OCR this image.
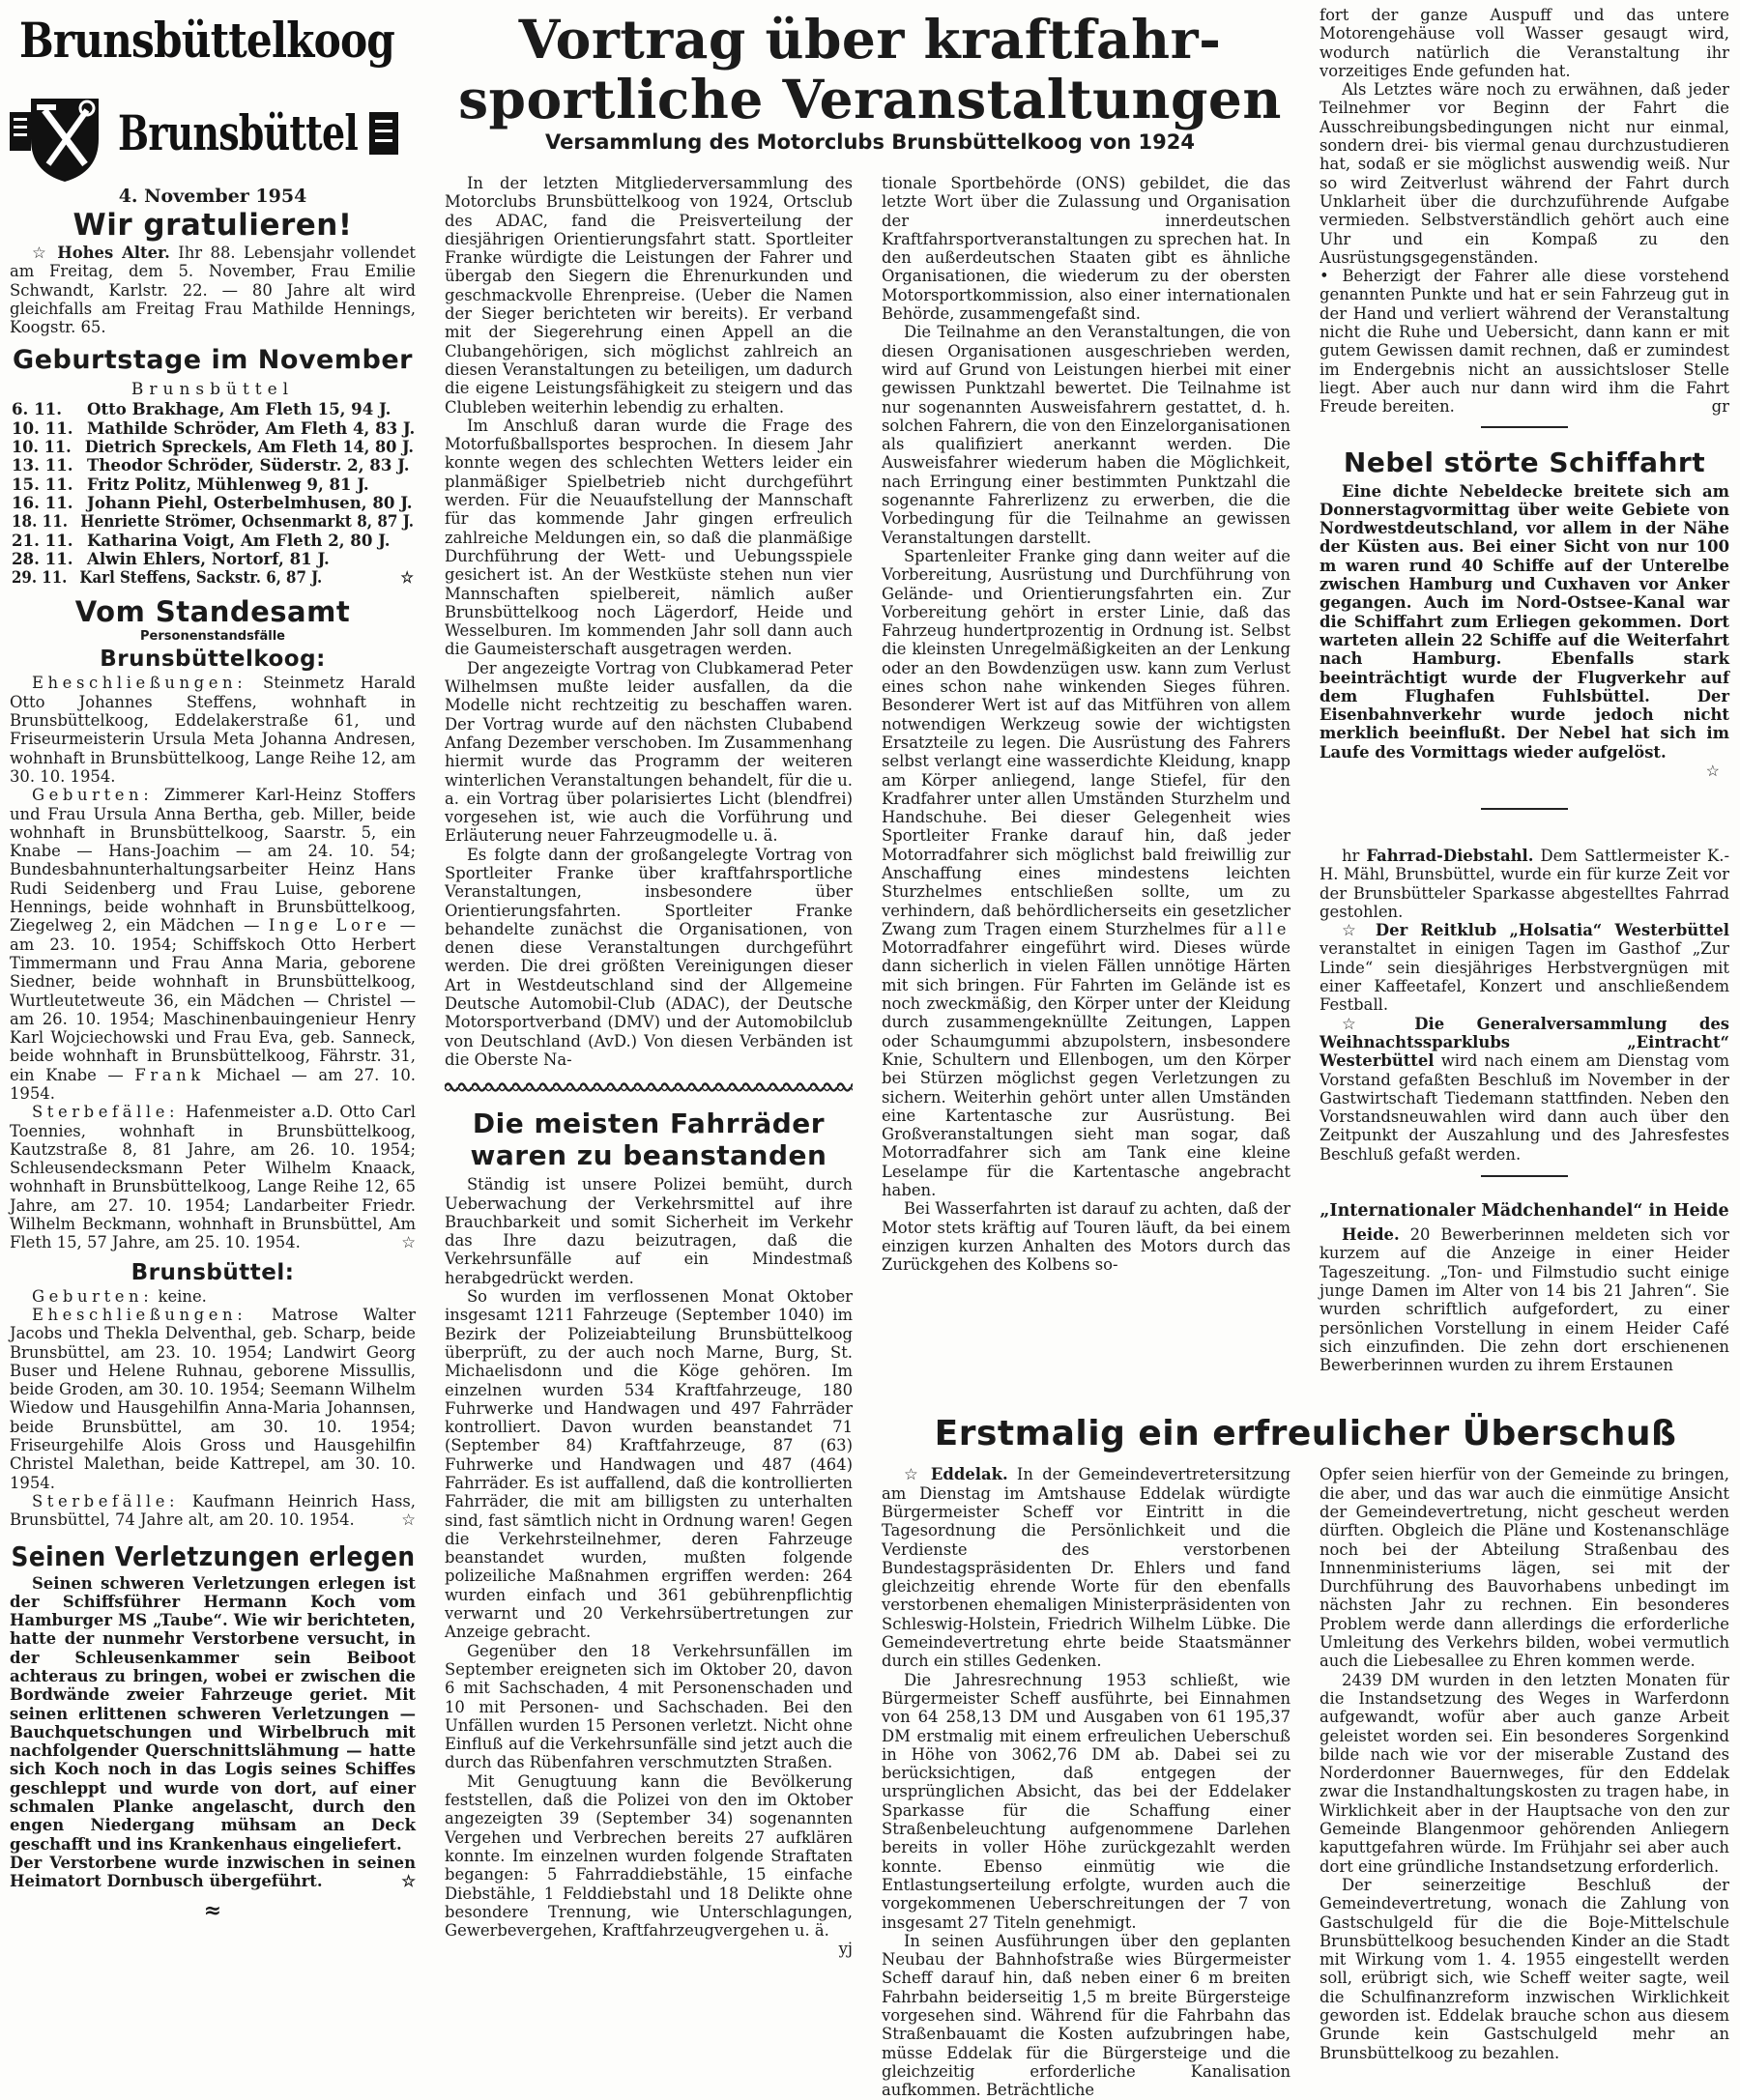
Brunsbüttelkoog
Brunsbüttel
4. November 1954
Wir gratulieren!

☆ Hohes Alter. Ihr 88. Lebensjahr vollendet am Freitag, dem 5. November, Frau Emilie Schwandt, Karlstr. 22. — 80 Jahre alt wird gleichfalls am Freitag Frau Mathilde Hennings, Koogstr. 65.

Geburtstage im November
Brunsbüttel
6. 11. Otto Brakhage, Am Fleth 15, 94 J.
10. 11. Mathilde Schröder, Am Fleth 4, 83 J.
10. 11. Dietrich Spreckels, Am Fleth 14, 80 J.
13. 11. Theodor Schröder, Süderstr. 2, 83 J.
15. 11. Fritz Politz, Mühlenweg 9, 81 J.
16. 11. Johann Piehl, Osterbelmhusen, 80 J.
18. 11. Henriette Strömer, Ochsenmarkt 8, 87 J.
21. 11. Katharina Voigt, Am Fleth 2, 80 J.
28. 11. Alwin Ehlers, Nortorf, 81 J.
29. 11. Karl Steffens, Sackstr. 6, 87 J.	☆
Vom Standesamt
Personenstandsfälle
Brunsbüttelkoog:

Eheschließungen: Steinmetz Harald Otto Johannes Steffens, wohnhaft in Brunsbüttelkoog, Eddelakerstraße 61, und Friseurmeisterin Ursula Meta Johanna Andresen, wohnhaft in Brunsbüttelkoog, Lange Reihe 12, am 30. 10. 1954.

Geburten: Zimmerer Karl-Heinz Stoffers und Frau Ursula Anna Bertha, geb. Miller, beide wohnhaft in Brunsbüttelkoog, Saarstr. 5, ein Knabe — Hans-Joachim — am 24. 10. 54; Bundesbahnunterhaltungsarbeiter Heinz Hans Rudi Seidenberg und Frau Luise, geborene Hennings, beide wohnhaft in Brunsbüttelkoog, Ziegelweg 2, ein Mädchen — Inge Lore — am 23. 10. 1954; Schiffskoch Otto Herbert Timmermann und Frau Anna Maria, geborene Siedner, beide wohnhaft in Brunsbüttelkoog, Wurtleutetweute 36, ein Mädchen — Christel — am 26. 10. 1954; Maschinenbauingenieur Henry Karl Wojciechowski und Frau Eva, geb. Sanneck, beide wohnhaft in Brunsbüttelkoog, Fährstr. 31, ein Knabe — Frank Michael — am 27. 10. 1954.

Sterbefälle: Hafenmeister a.D. Otto Carl Toennies, wohnhaft in Brunsbüttelkoog, Kautzstraße 8, 81 Jahre, am 26. 10. 1954; Schleusendecksmann Peter Wilhelm Knaack, wohnhaft in Brunsbüttelkoog, Lange Reihe 12, 65 Jahre, am 27. 10. 1954; Landarbeiter Friedr. Wilhelm Beckmann, wohnhaft in Brunsbüttel, Am Fleth 15, 57 Jahre, am 25. 10. 1954.	☆

Brunsbüttel:

Geburten: keine.

Eheschließungen: Matrose Walter Jacobs und Thekla Delventhal, geb. Scharp, beide Brunsbüttel, am 23. 10. 1954; Landwirt Georg Buser und Helene Ruhnau, geborene Missullis, beide Groden, am 30. 10. 1954; Seemann Wilhelm Wiedow und Hausgehilfin Anna-Maria Johannsen, beide Brunsbüttel, am 30. 10. 1954; Friseurgehilfe Alois Gross und Hausgehilfin Christel Malethan, beide Kattrepel, am 30. 10. 1954.

Sterbefälle: Kaufmann Heinrich Hass, Brunsbüttel, 74 Jahre alt, am 20. 10. 1954.	☆

Seinen Verletzungen erlegen

Seinen schweren Verletzungen erlegen ist der Schiffsführer Hermann Koch vom Hamburger MS „Taube“. Wie wir berichteten, hatte der nunmehr Verstorbene versucht, in der Schleusenkammer sein Beiboot achteraus zu bringen, wobei er zwischen die Bordwände zweier Fahrzeuge geriet. Mit seinen erlittenen schweren Verletzungen — Bauchquetschungen und Wirbelbruch mit nachfolgender Querschnittslähmung — hatte sich Koch noch in das Logis seines Schiffes geschleppt und wurde von dort, auf einer schmalen Planke angelascht, durch den engen Niedergang mühsam an Deck geschafft und ins Krankenhaus eingeliefert.

Der Verstorbene wurde inzwischen in seinen Heimatort Dornbusch übergeführt.	☆

≈
Vortrag über kraftfahr-
sportliche Veranstaltungen
Versammlung des Motorclubs Brunsbüttelkoog von 1924

In der letzten Mitgliederversammlung des Motorclubs Brunsbüttelkoog von 1924, Ortsclub des ADAC, fand die Preisverteilung der diesjährigen Orientierungsfahrt statt. Sportleiter Franke würdigte die Leistungen der Fahrer und übergab den Siegern die Ehrenurkunden und geschmackvolle Ehrenpreise. (Ueber die Namen der Sieger berichteten wir bereits). Er verband mit der Siegerehrung einen Appell an die Clubangehörigen, sich möglichst zahlreich an diesen Veranstaltungen zu beteiligen, um dadurch die eigene Leistungsfähigkeit zu steigern und das Clubleben weiterhin lebendig zu erhalten.

Im Anschluß daran wurde die Frage des Motorfußballsportes besprochen. In diesem Jahr konnte wegen des schlechten Wetters leider ein planmäßiger Spielbetrieb nicht durchgeführt werden. Für die Neuaufstellung der Mannschaft für das kommende Jahr gingen erfreulich zahlreiche Meldungen ein, so daß die planmäßige Durchführung der Wett- und Uebungsspiele gesichert ist. An der Westküste stehen nun vier Mannschaften spielbereit, nämlich außer Brunsbüttelkoog noch Lägerdorf, Heide und Wesselburen. Im kommenden Jahr soll dann auch die Gaumeisterschaft ausgetragen werden.

Der angezeigte Vortrag von Clubkamerad Peter Wilhelmsen mußte leider ausfallen, da die Modelle nicht rechtzeitig zu beschaffen waren. Der Vortrag wurde auf den nächsten Clubabend Anfang Dezember verschoben. Im Zusammenhang hiermit wurde das Programm der weiteren winterlichen Veranstaltungen behandelt, für die u. a. ein Vortrag über polarisiertes Licht (blendfrei) vorgesehen ist, wie auch die Vorführung und Erläuterung neuer Fahrzeugmodelle u. ä.

Es folgte dann der großangelegte Vortrag von Sportleiter Franke über kraftfahrsportliche Veranstaltungen, insbesondere über Orientierungsfahrten. Sportleiter Franke behandelte zunächst die Organisationen, von denen diese Veranstaltungen durchgeführt werden. Die drei größten Vereinigungen dieser Art in Westdeutschland sind der Allgemeine Deutsche Automobil-Club (ADAC), der Deutsche Motorsportverband (DMV) und der Automobilclub von Deutschland (AvD.) Von diesen Verbänden ist die Oberste Na-

Die meisten Fahrräder
waren zu beanstanden

Ständig ist unsere Polizei bemüht, durch Ueberwachung der Verkehrsmittel auf ihre Brauchbarkeit und somit Sicherheit im Verkehr das Ihre dazu beizutragen, daß die Verkehrsunfälle auf ein Mindestmaß herabgedrückt werden.

So wurden im verflossenen Monat Oktober insgesamt 1211 Fahrzeuge (September 1040) im Bezirk der Polizeiabteilung Brunsbüttelkoog überprüft, zu der auch noch Marne, Burg, St. Michaelisdonn und die Köge gehören. Im einzelnen wurden 534 Kraftfahrzeuge, 180 Fuhrwerke und Handwagen und 497 Fahrräder kontrolliert. Davon wurden beanstandet 71 (September 84) Kraftfahrzeuge, 87 (63) Fuhrwerke und Handwagen und 487 (464) Fahrräder. Es ist auffallend, daß die kontrollierten Fahrräder, die mit am billigsten zu unterhalten sind, fast sämtlich nicht in Ordnung waren! Gegen die Verkehrsteilnehmer, deren Fahrzeuge beanstandet wurden, mußten folgende polizeiliche Maßnahmen ergriffen werden: 264 wurden einfach und 361 gebührenpflichtig verwarnt und 20 Verkehrsübertretungen zur Anzeige gebracht.

Gegenüber den 18 Verkehrsunfällen im September ereigneten sich im Oktober 20, davon 6 mit Sachschaden, 4 mit Personenschaden und 10 mit Personen- und Sachschaden. Bei den Unfällen wurden 15 Personen verletzt. Nicht ohne Einfluß auf die Verkehrsunfälle sind jetzt auch die durch das Rübenfahren verschmutzten Straßen.

Mit Genugtuung kann die Bevölkerung feststellen, daß die Polizei von den im Oktober angezeigten 39 (September 34) sogenannten Vergehen und Verbrechen bereits 27 aufklären konnte. Im einzelnen wurden folgende Straftaten begangen: 5 Fahrraddiebstähle, 15 einfache Diebstähle, 1 Felddiebstahl und 18 Delikte ohne besondere Trennung, wie Unterschlagungen, Gewerbevergehen, Kraftfahrzeugvergehen u. ä.
yj

tionale Sportbehörde (ONS) gebildet, die das letzte Wort über die Zulassung und Organisation der innerdeutschen Kraftfahrsportveranstaltungen zu sprechen hat. In den außerdeutschen Staaten gibt es ähnliche Organisationen, die wiederum zu der obersten Motorsportkommission, also einer internationalen Behörde, zusammengefaßt sind.

Die Teilnahme an den Veranstaltungen, die von diesen Organisationen ausgeschrieben werden, wird auf Grund von Leistungen hierbei mit einer gewissen Punktzahl bewertet. Die Teilnahme ist nur sogenannten Ausweisfahrern gestattet, d. h. solchen Fahrern, die von den Einzelorganisationen als qualifiziert anerkannt werden. Die Ausweisfahrer wiederum haben die Möglichkeit, nach Erringung einer bestimmten Punktzahl die sogenannte Fahrerlizenz zu erwerben, die die Vorbedingung für die Teilnahme an gewissen Veranstaltungen darstellt.

Spartenleiter Franke ging dann weiter auf die Vorbereitung, Ausrüstung und Durchführung von Gelände- und Orientierungsfahrten ein. Zur Vorbereitung gehört in erster Linie, daß das Fahrzeug hundertprozentig in Ordnung ist. Selbst die kleinsten Unregelmäßigkeiten an der Lenkung oder an den Bowdenzügen usw. kann zum Verlust eines schon nahe winkenden Sieges führen. Besonderer Wert ist auf das Mitführen von allem notwendigen Werkzeug sowie der wichtigsten Ersatzteile zu legen. Die Ausrüstung des Fahrers selbst verlangt eine wasserdichte Kleidung, knapp am Körper anliegend, lange Stiefel, für den Kradfahrer unter allen Umständen Sturzhelm und Handschuhe. Bei dieser Gelegenheit wies Sportleiter Franke darauf hin, daß jeder Motorradfahrer sich möglichst bald freiwillig zur Anschaffung eines mindestens leichten Sturzhelmes entschließen sollte, um zu verhindern, daß behördlicherseits ein gesetzlicher Zwang zum Tragen einem Sturzhelmes für alle Motorradfahrer eingeführt wird. Dieses würde dann sicherlich in vielen Fällen unnötige Härten mit sich bringen. Für Fahrten im Gelände ist es noch zweckmäßig, den Körper unter der Kleidung durch zusammengeknüllte Zeitungen, Lappen oder Schaumgummi abzupolstern, insbesondere Knie, Schultern und Ellenbogen, um den Körper bei Stürzen möglichst gegen Verletzungen zu sichern. Weiterhin gehört unter allen Umständen eine Kartentasche zur Ausrüstung. Bei Großveranstaltungen sieht man sogar, daß Motorradfahrer sich am Tank eine kleine Leselampe für die Kartentasche angebracht haben.

Bei Wasserfahrten ist darauf zu achten, daß der Motor stets kräftig auf Touren läuft, da bei einem einzigen kurzen Anhalten des Motors durch das Zurückgehen des Kolbens so-

fort der ganze Auspuff und das untere Motorengehäuse voll Wasser gesaugt wird, wodurch natürlich die Veranstaltung ihr vorzeitiges Ende gefunden hat.

Als Letztes wäre noch zu erwähnen, daß jeder Teilnehmer vor Beginn der Fahrt die Ausschreibungsbedingungen nicht nur einmal, sondern drei- bis viermal genau durchzustudieren hat, sodaß er sie möglichst auswendig weiß. Nur so wird Zeitverlust während der Fahrt durch Unklarheit über die durchzuführende Aufgabe vermieden. Selbstverständlich gehört auch eine Uhr und ein Kompaß zu den Ausrüstungsgegenständen.

• Beherzigt der Fahrer alle diese vorstehend genannten Punkte und hat er sein Fahrzeug gut in der Hand und verliert während der Veranstaltung nicht die Ruhe und Uebersicht, dann kann er mit gutem Gewissen damit rechnen, daß er zumindest im Endergebnis nicht an aussichtsloser Stelle liegt. Aber auch nur dann wird ihm die Fahrt Freude bereiten.	gr

Nebel störte Schiffahrt

Eine dichte Nebeldecke breitete sich am Donnerstagvormittag über weite Gebiete von Nordwestdeutschland, vor allem in der Nähe der Küsten aus. Bei einer Sicht von nur 100 m waren rund 40 Schiffe auf der Unterelbe zwischen Hamburg und Cuxhaven vor Anker gegangen. Auch im Nord-Ostsee-Kanal war die Schiffahrt zum Erliegen gekommen. Dort warteten allein 22 Schiffe auf die Weiterfahrt nach Hamburg. Ebenfalls stark beeinträchtigt wurde der Flugverkehr auf dem Flughafen Fuhlsbüttel. Der Eisenbahnverkehr wurde jedoch nicht merklich beeinflußt. Der Nebel hat sich im Laufe des Vormittags wieder aufgelöst.

☆

hr Fahrrad-Diebstahl. Dem Sattlermeister K.-H. Mähl, Brunsbüttel, wurde ein für kurze Zeit vor der Brunsbütteler Sparkasse abgestelltes Fahrrad gestohlen.

☆ Der Reitklub „Holsatia“ Westerbüttel veranstaltet in einigen Tagen im Gasthof „Zur Linde“ sein diesjähriges Herbstvergnügen mit einer Kaffeetafel, Konzert und anschließendem Festball.

☆ Die Generalversammlung des Weihnachtssparklubs „Eintracht“ Westerbüttel wird nach einem am Dienstag vom Vorstand gefaßten Beschluß im November in der Gastwirtschaft Tiedemann stattfinden. Neben den Vorstandsneuwahlen wird dann auch über den Zeitpunkt der Auszahlung und des Jahresfestes Beschluß gefaßt werden.

„Internationaler Mädchenhandel“ in Heide

Heide. 20 Bewerberinnen meldeten sich vor kurzem auf die Anzeige in einer Heider Tageszeitung. „Ton- und Filmstudio sucht einige junge Damen im Alter von 14 bis 21 Jahren“. Sie wurden schriftlich aufgefordert, zu einer persönlichen Vorstellung in einem Heider Café sich einzufinden. Die zehn dort erschienenen Bewerberinnen wurden zu ihrem Erstaunen

Erstmalig ein erfreulicher Überschuß

☆ Eddelak. In der Gemeindevertretersitzung am Dienstag im Amtshause Eddelak würdigte Bürgermeister Scheff vor Eintritt in die Tagesordnung die Persönlichkeit und die Verdienste des verstorbenen Bundestagspräsidenten Dr. Ehlers und fand gleichzeitig ehrende Worte für den ebenfalls verstorbenen ehemaligen Ministerpräsidenten von Schleswig-Holstein, Friedrich Wilhelm Lübke. Die Gemeindevertretung ehrte beide Staatsmänner durch ein stilles Gedenken.

Die Jahresrechnung 1953 schließt, wie Bürgermeister Scheff ausführte, bei Einnahmen von 64 258,13 DM und Ausgaben von 61 195,37 DM erstmalig mit einem erfreulichen Ueberschuß in Höhe von 3062,76 DM ab. Dabei sei zu berücksichtigen, daß entgegen der ursprünglichen Absicht, das bei der Eddelaker Sparkasse für die Schaffung einer Straßenbeleuchtung aufgenommene Darlehen bereits in voller Höhe zurückgezahlt werden konnte. Ebenso einmütig wie die Entlastungserteilung erfolgte, wurden auch die vorgekommenen Ueberschreitungen der 7 von insgesamt 27 Titeln genehmigt.

In seinen Ausführungen über den geplanten Neubau der Bahnhofstraße wies Bürgermeister Scheff darauf hin, daß neben einer 6 m breiten Fahrbahn beiderseitig 1,5 m breite Bürgersteige vorgesehen sind. Während für die Fahrbahn das Straßenbauamt die Kosten aufzubringen habe, müsse Eddelak für die Bürgersteige und die gleichzeitig erforderliche Kanalisation aufkommen. Beträchtliche

Opfer seien hierfür von der Gemeinde zu bringen, die aber, und das war auch die einmütige Ansicht der Gemeindevertretung, nicht gescheut werden dürften. Obgleich die Pläne und Kostenanschläge noch bei der Abteilung Straßenbau des Innnenministeriums lägen, sei mit der Durchführung des Bauvorhabens unbedingt im nächsten Jahr zu rechnen. Ein besonderes Problem werde dann allerdings die erforderliche Umleitung des Verkehrs bilden, wobei vermutlich auch die Liebesallee zu Ehren kommen werde.

2439 DM wurden in den letzten Monaten für die Instandsetzung des Weges in Warferdonn aufgewandt, wofür aber auch ganze Arbeit geleistet worden sei. Ein besonderes Sorgenkind bilde nach wie vor der miserable Zustand des Norderdonner Bauernweges, für den Eddelak zwar die Instandhaltungskosten zu tragen habe, in Wirklichkeit aber in der Hauptsache von den zur Gemeinde Blangenmoor gehörenden Anliegern kaputtgefahren würde. Im Frühjahr sei aber auch dort eine gründliche Instandsetzung erforderlich.

Der seinerzeitige Beschluß der Gemeindevertretung, wonach die Zahlung von Gastschulgeld für die die Boje-Mittelschule Brunsbüttelkoog besuchenden Kinder an die Stadt mit Wirkung vom 1. 4. 1955 eingestellt werden soll, erübrigt sich, wie Scheff weiter sagte, weil die Schulfinanzreform inzwischen Wirklichkeit geworden ist. Eddelak brauche schon aus diesem Grunde kein Gastschulgeld mehr an Brunsbüttelkoog zu bezahlen.
